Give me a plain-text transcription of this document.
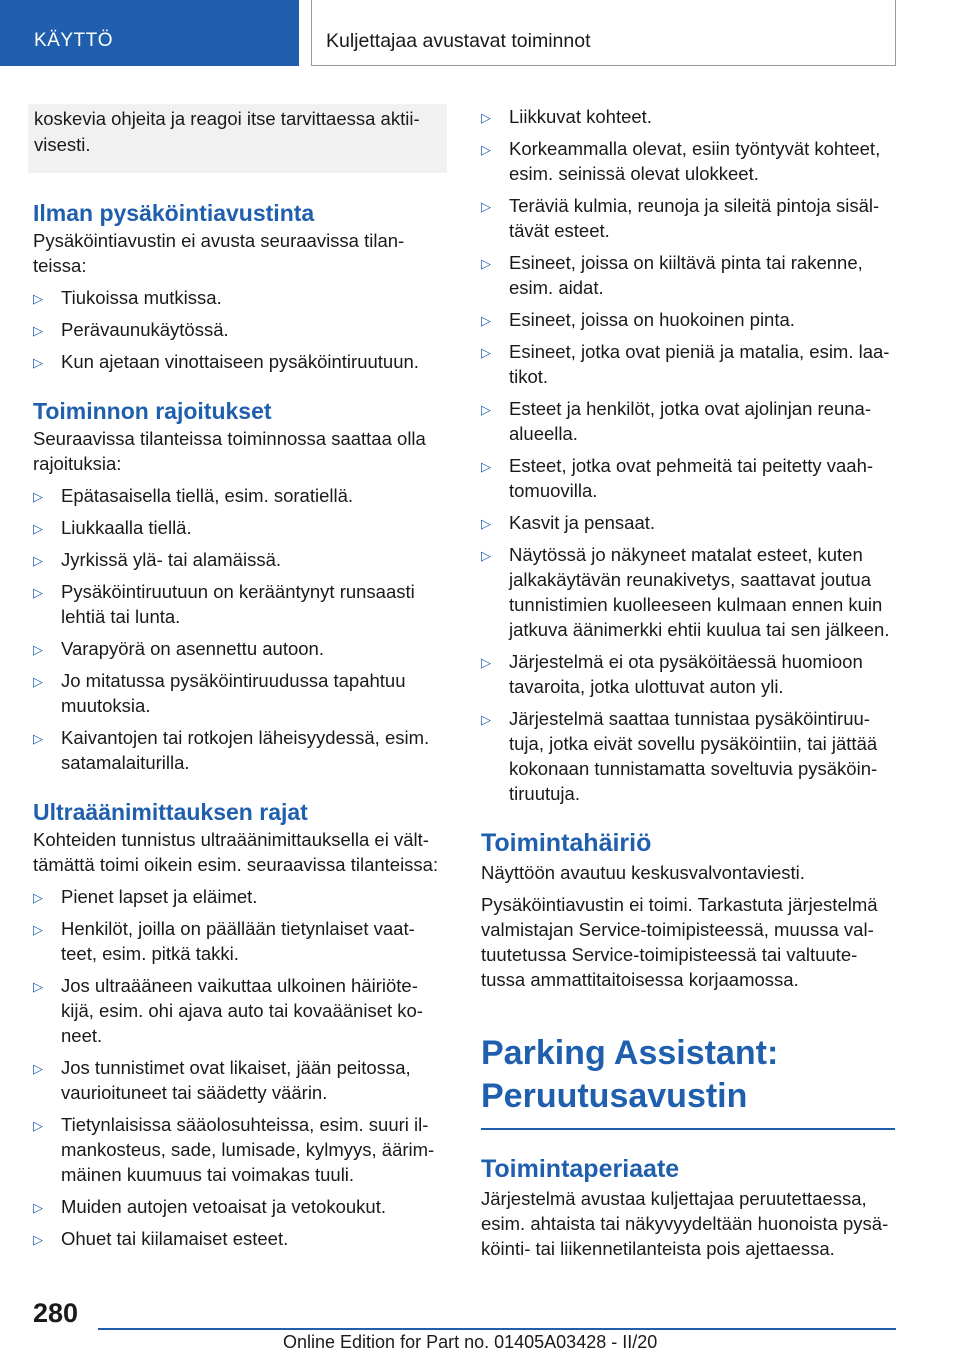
KÄYTTÖ	Kuljettajaa avustavat toiminnot
koskevia ohjeita ja reagoi itse tarvittaessa aktii-
visesti.
Ilman pysäköintiavustinta
Pysäköintiavustin ei avusta seuraavissa tilan-
teissa:
▷ Tiukoissa mutkissa.
▷ Perävaunukäytössä.
▷ Kun ajetaan vinottaiseen pysäköintiruutuun.
Toiminnon rajoitukset
Seuraavissa tilanteissa toiminnossa saattaa olla
rajoituksia:
▷ Epätasaisella tiellä, esim. soratiellä.
▷ Liukkaalla tiellä.
▷ Jyrkissä ylä- tai alamäissä.
▷ Pysäköintiruutuun on kerääntynyt runsaasti
lehtiä tai lunta.
▷ Varapyörä on asennettu autoon.
▷ Jo mitatussa pysäköintiruudussa tapahtuu
muutoksia.
▷ Kaivantojen tai rotkojen läheisyydessä, esim.
satamalaiturilla.
Ultraäänimittauksen rajat
Kohteiden tunnistus ultraäänimittauksella ei vält-
tämättä toimi oikein esim. seuraavissa tilanteissa:
▷ Pienet lapset ja eläimet.
▷ Henkilöt, joilla on päällään tietynlaiset vaat-
teet, esim. pitkä takki.
▷ Jos ultraääneen vaikuttaa ulkoinen häiriöte-
kijä, esim. ohi ajava auto tai kovaääniset ko-
neet.
▷ Jos tunnistimet ovat likaiset, jään peitossa,
vaurioituneet tai säädetty väärin.
▷ Tietynlaisissa sääolosuhteissa, esim. suuri il-
mankosteus, sade, lumisade, kylmyys, äärim-
mäinen kuumuus tai voimakas tuuli.
▷ Muiden autojen vetoaisat ja vetokoukut.
▷ Ohuet tai kiilamaiset esteet.
▷ Liikkuvat kohteet.
▷ Korkeammalla olevat, esiin työntyvät kohteet,
esim. seinissä olevat ulokkeet.
▷ Teräviä kulmia, reunoja ja sileitä pintoja sisäl-
tävät esteet.
▷ Esineet, joissa on kiiltävä pinta tai rakenne,
esim. aidat.
▷ Esineet, joissa on huokoinen pinta.
▷ Esineet, jotka ovat pieniä ja matalia, esim. laa-
tikot.
▷ Esteet ja henkilöt, jotka ovat ajolinjan reuna-
alueella.
▷ Esteet, jotka ovat pehmeitä tai peitetty vaah-
tomuovilla.
▷ Kasvit ja pensaat.
▷ Näytössä jo näkyneet matalat esteet, kuten
jalkakäytävän reunakivetys, saattavat joutua
tunnistimien kuolleeseen kulmaan ennen kuin
jatkuva äänimerkki ehtii kuulua tai sen jälkeen.
▷ Järjestelmä ei ota pysäköitäessä huomioon
tavaroita, jotka ulottuvat auton yli.
▷ Järjestelmä saattaa tunnistaa pysäköintiruu-
tuja, jotka eivät sovellu pysäköintiin, tai jättää
kokonaan tunnistamatta soveltuvia pysäköin-
tiruutuja.
Toimintahäiriö
Näyttöön avautuu keskusvalvontaviesti.
Pysäköintiavustin ei toimi. Tarkastuta järjestelmä
valmistajan Service-toimipisteessä, muussa val-
tuutetussa Service-toimipisteessä tai valtuute-
tussa ammattitaitoisessa korjaamossa.
Parking Assistant:
Peruutusavustin
Toimintaperiaate
Järjestelmä avustaa kuljettajaa peruutettaessa,
esim. ahtaista tai näkyvyydeltään huonoista pysä-
köinti- tai liikennetilanteista pois ajettaessa.
280
Online Edition for Part no. 01405A03428 - II/20
